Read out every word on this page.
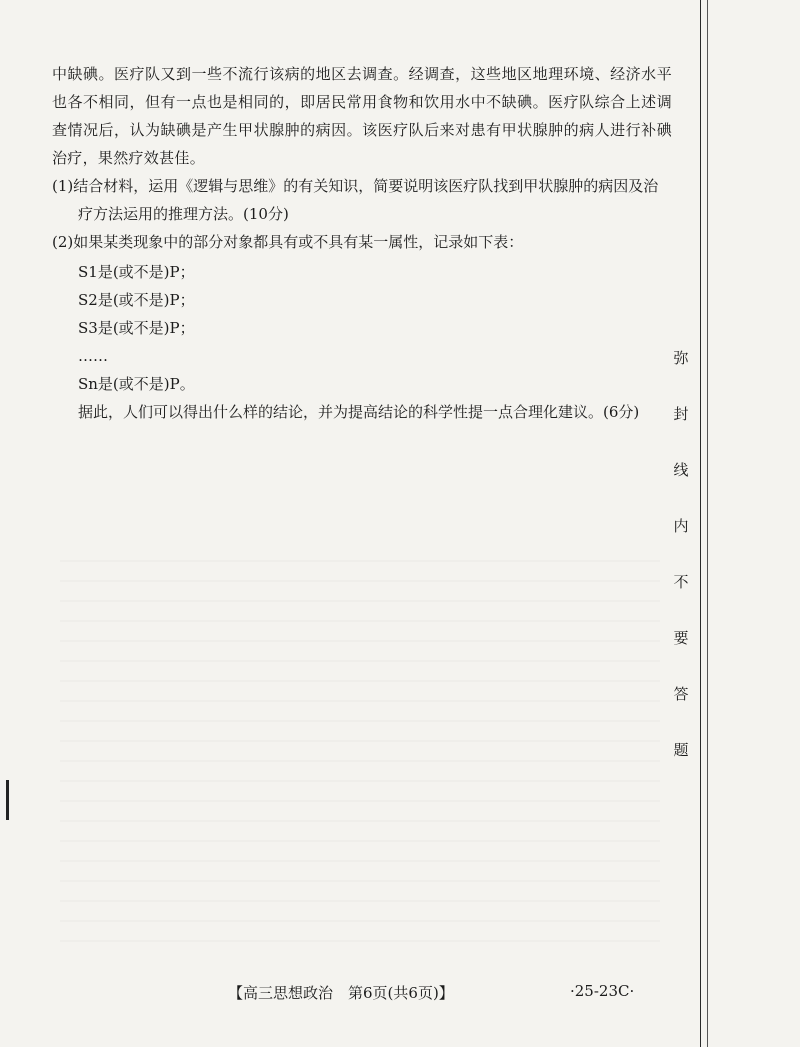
中缺碘。医疗队又到一些不流行该病的地区去调查。经调查，这些地区地理环境、经济水平也各不相同，但有一点也是相同的，即居民常用食物和饮用水中不缺碘。医疗队综合上述调查情况后，认为缺碘是产生甲状腺肿的病因。该医疗队后来对患有甲状腺肿的病人进行补碘治疗，果然疗效甚佳。

(1)结合材料，运用《逻辑与思维》的有关知识，简要说明该医疗队找到甲状腺肿的病因及治疗方法运用的推理方法。(10分)

(2)如果某类现象中的部分对象都具有或不具有某一属性，记录如下表：

S1是(或不是)P；
S2是(或不是)P；
S3是(或不是)P；
……
Sn是(或不是)P。

据此，人们可以得出什么样的结论，并为提高结论的科学性提一点合理化建议。(6分)

弥
封
线
内
不
要
答
题
【高三思想政治　第6页(共6页)】	·25-23C·
